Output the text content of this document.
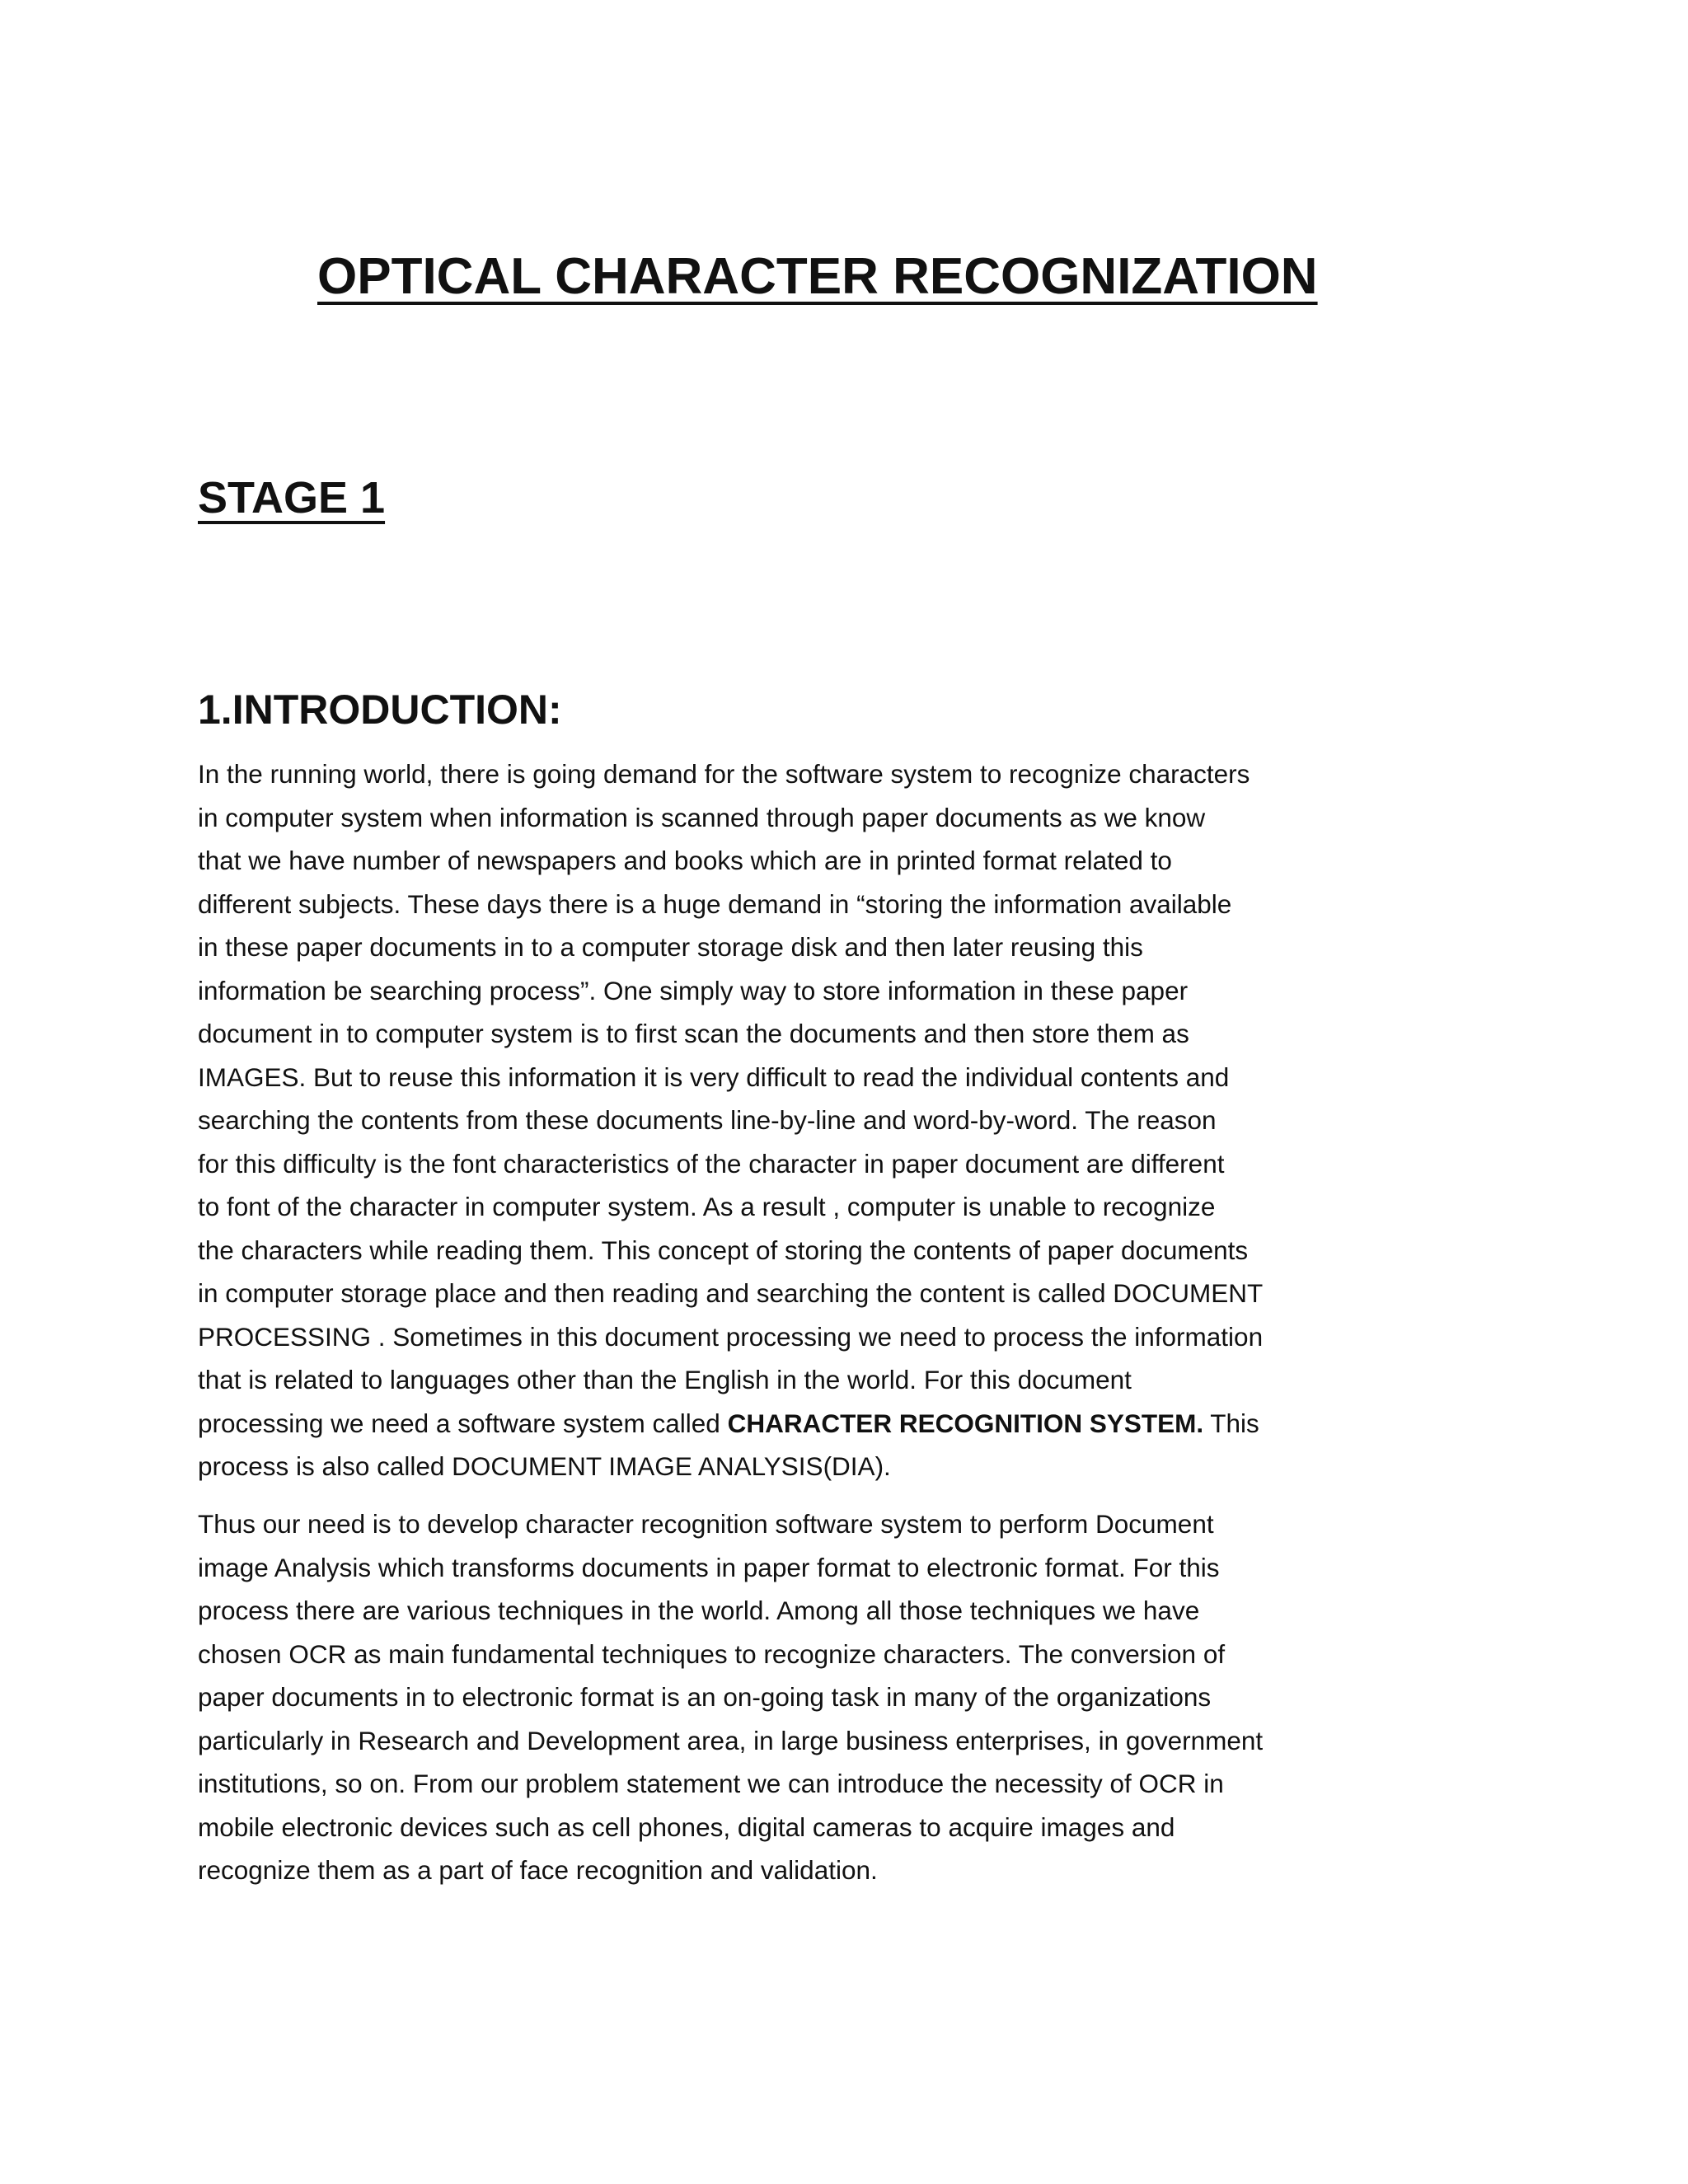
OPTICAL CHARACTER RECOGNIZATION
STAGE 1
1.INTRODUCTION:
In the running world, there is going demand for the software system to recognize characters
in computer system when information is scanned through paper documents as we know
that we have number of newspapers and books which are in printed format related to
different subjects. These days there is a huge demand in “storing the information available
in these paper documents in to a computer storage disk and then later reusing this
information be searching process”. One simply way to store information in these paper
document in to computer system is to first scan the documents and then store them as
IMAGES. But to reuse this information it is very difficult to read the individual contents and
searching the contents from these documents line-by-line and word-by-word. The reason
for this difficulty is the font characteristics of the character in paper document are different
to font of the character in computer system. As a result , computer is unable to recognize
the characters while reading them. This concept of storing the contents of paper documents
in computer storage place and then reading and searching the content is called DOCUMENT
PROCESSING . Sometimes in this document processing we need to process the information
that is related to languages other than the English in the world. For this document
processing we need a software system called CHARACTER RECOGNITION SYSTEM. This
process is also called DOCUMENT IMAGE ANALYSIS(DIA).
Thus our need is to develop character recognition software system to perform Document
image Analysis which transforms documents in paper format to electronic format. For this
process there are various techniques in the world. Among all those techniques we have
chosen OCR as main fundamental techniques to recognize characters. The conversion of
paper documents in to electronic format is an on-going task in many of the organizations
particularly in Research and Development area, in large business enterprises, in government
institutions, so on. From our problem statement we can introduce the necessity of OCR in
mobile electronic devices such as cell phones, digital cameras to acquire images and
recognize them as a part of face recognition and validation.
